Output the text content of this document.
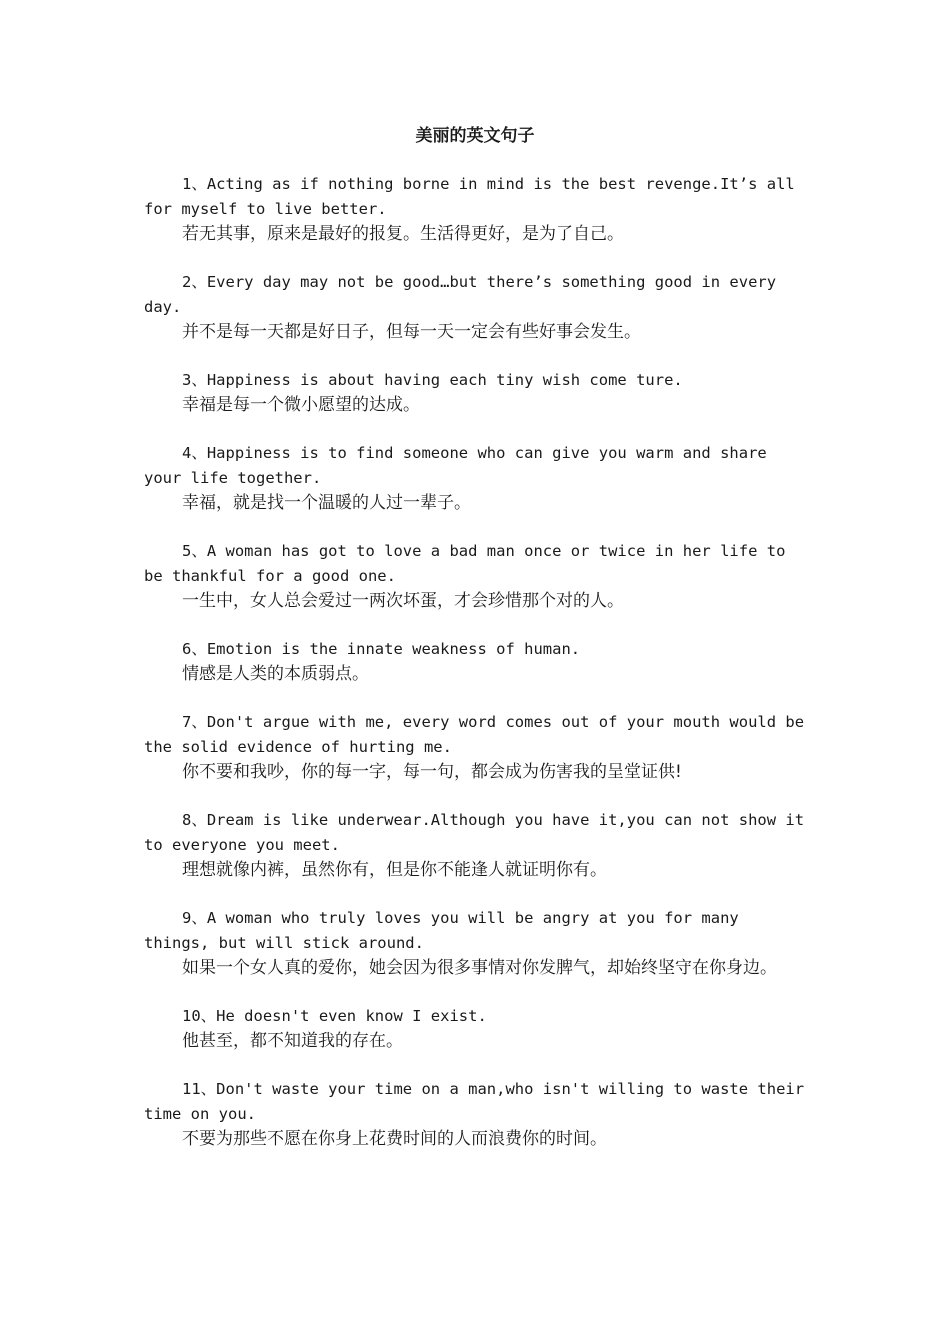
美丽的英文句子

1、Acting as if nothing borne in mind is the best revenge.It’s all for myself to live better.

若无其事，原来是最好的报复。生活得更好，是为了自己。

2、Every day may not be good…but there’s something good in every day.

并不是每一天都是好日子，但每一天一定会有些好事会发生。

3、Happiness is about having each tiny wish come ture.

幸福是每一个微小愿望的达成。

4、Happiness is to find someone who can give you warm and share your life together.

幸福，就是找一个温暖的人过一辈子。

5、A woman has got to love a bad man once or twice in her life to be thankful for a good one.

一生中，女人总会爱过一两次坏蛋，才会珍惜那个对的人。

6、Emotion is the innate weakness of human.

情感是人类的本质弱点。

7、Don't argue with me, every word comes out of your mouth would be the solid evidence of hurting me.

你不要和我吵，你的每一字，每一句，都会成为伤害我的呈堂证供!

8、Dream is like underwear.Although you have it,you can not show it to everyone you meet.

理想就像内裤，虽然你有，但是你不能逢人就证明你有。

9、A woman who truly loves you will be angry at you for many things, but will stick around.

如果一个女人真的爱你，她会因为很多事情对你发脾气，却始终坚守在你身边。

10、He doesn't even know I exist.

他甚至，都不知道我的存在。

11、Don't waste your time on a man,who isn't willing to waste their time on you.

不要为那些不愿在你身上花费时间的人而浪费你的时间。
